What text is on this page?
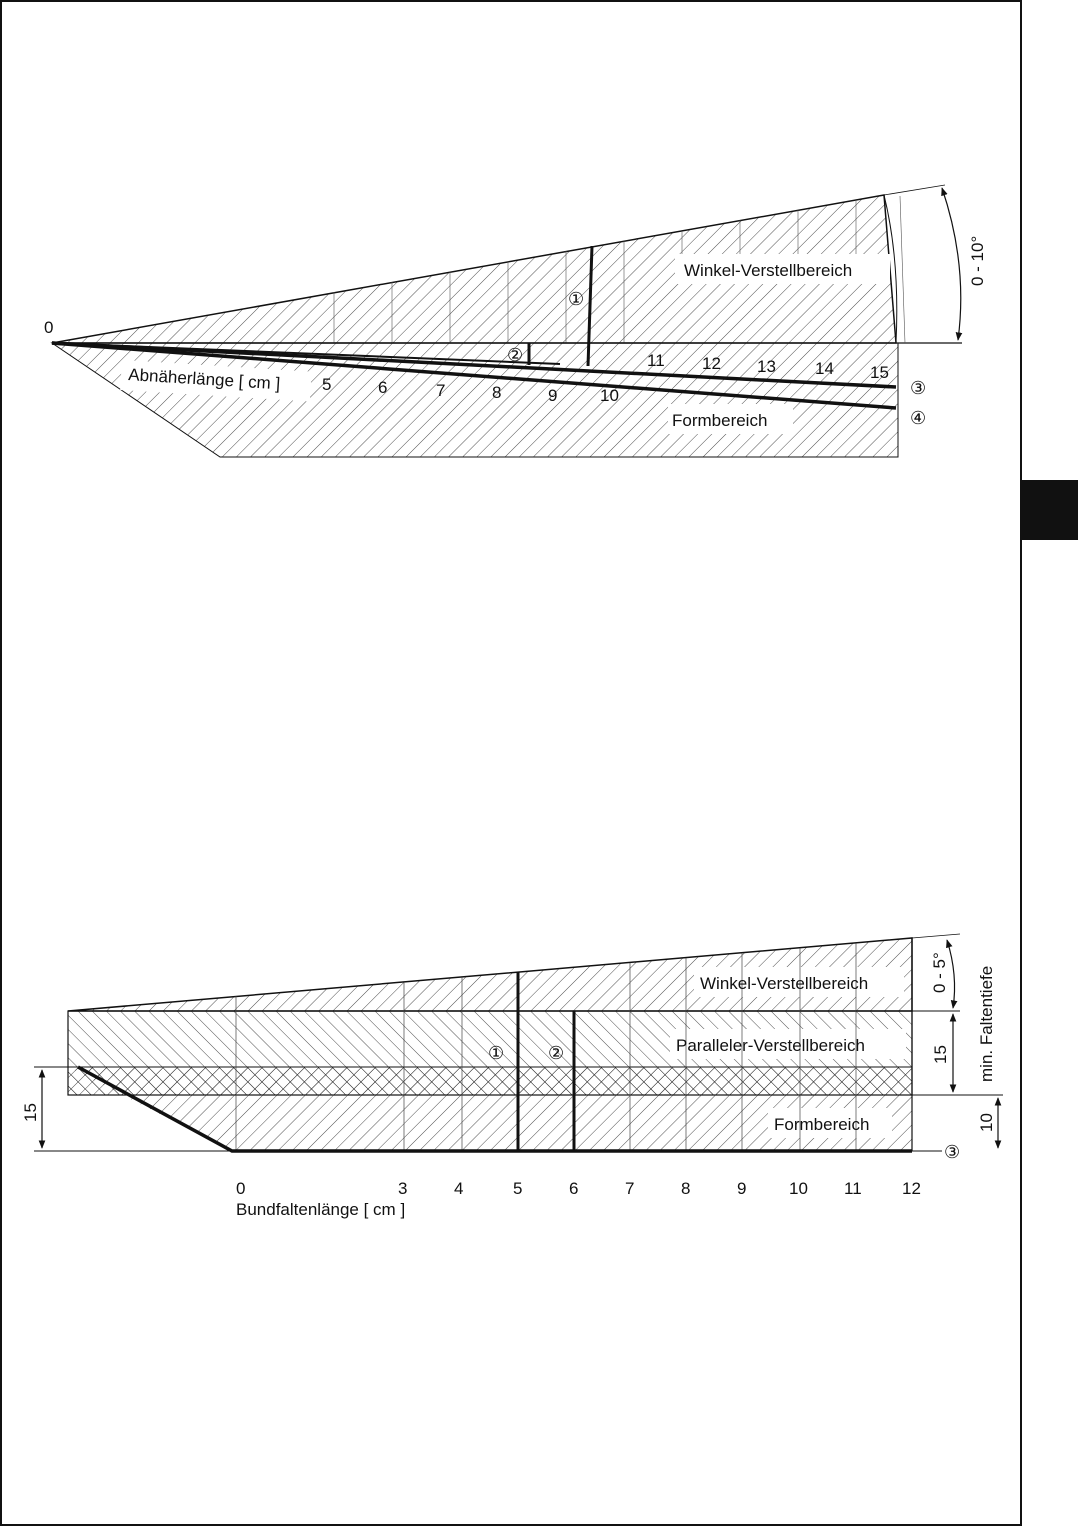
0
Winkel-Verstellbereich
Formbereich
Abnäherlänge [ cm ]
0 - 10°
①
②
③
④
5	6	7	8	9	10
11 12 13 14 15
Winkel-Verstellbereich
Paralleler-Verstellbereich
Formbereich
0 - 5°
15 min. Faltentiefe
10
15
① ②
③
0	3	4	5	6	7	8	9	10 11 12
Bundfaltenlänge [ cm ]
